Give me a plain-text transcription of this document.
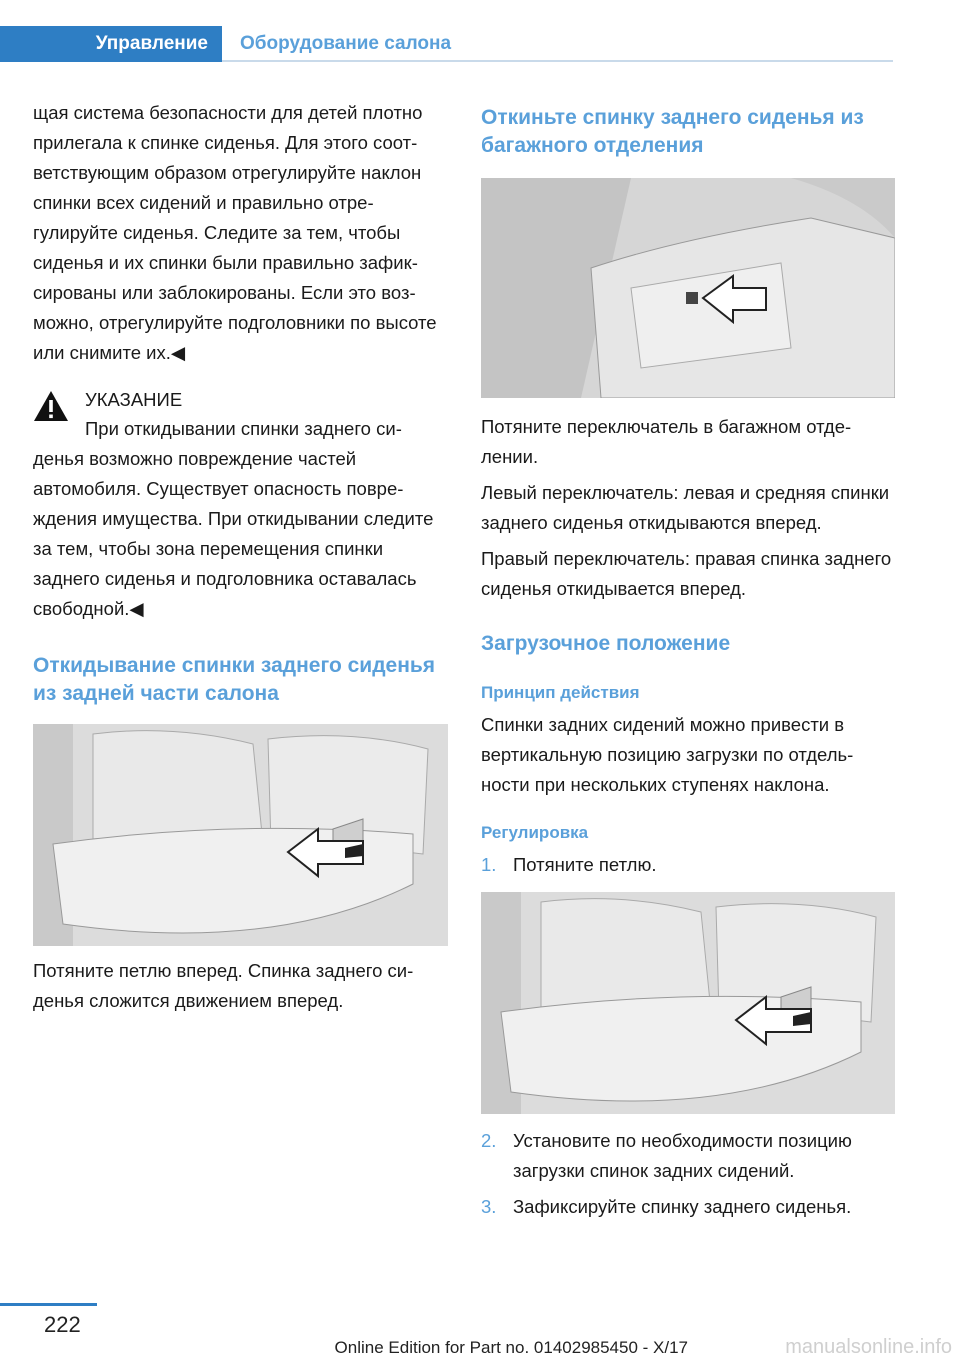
Управление	Оборудование салона

щая система безопасности для детей плотно прилегала к спинке сиденья. Для этого соответствующим образом отрегулируйте наклон спинки всех сидений и правильно отрегулируйте сиденья. Следите за тем, чтобы сиденья и их спинки были правильно зафиксированы или заблокированы. Если это возможно, отрегулируйте подголовники по высоте или снимите их.◀

УКАЗАНИЕ

При откидывании спинки заднего сиденья возможно повреждение частей автомобиля. Существует опасность повреждения имущества. При откидывании следите за тем, чтобы зона перемещения спинки заднего сиденья и подголовника оставалась свободной.◀

Откидывание спинки заднего сиденья из задней части салона

Потяните петлю вперед. Спинка заднего сиденья сложится движением вперед.

Откиньте спинку заднего сиденья из багажного отделения

Потяните переключатель в багажном отделении.

Левый переключатель: левая и средняя спинки заднего сиденья откидываются вперед.

Правый переключатель: правая спинка заднего сиденья откидывается вперед.

Загрузочное положение
Принцип действия

Спинки задних сидений можно привести в вертикальную позицию загрузки по отдельности при нескольких ступенях наклона.

Регулировка
1. Потяните петлю.
2. Установите по необходимости позицию загрузки спинок задних сидений.
3. Зафиксируйте спинку заднего сиденья.
222
Online Edition for Part no. 01402985450 - X/17	manualsonline.info
